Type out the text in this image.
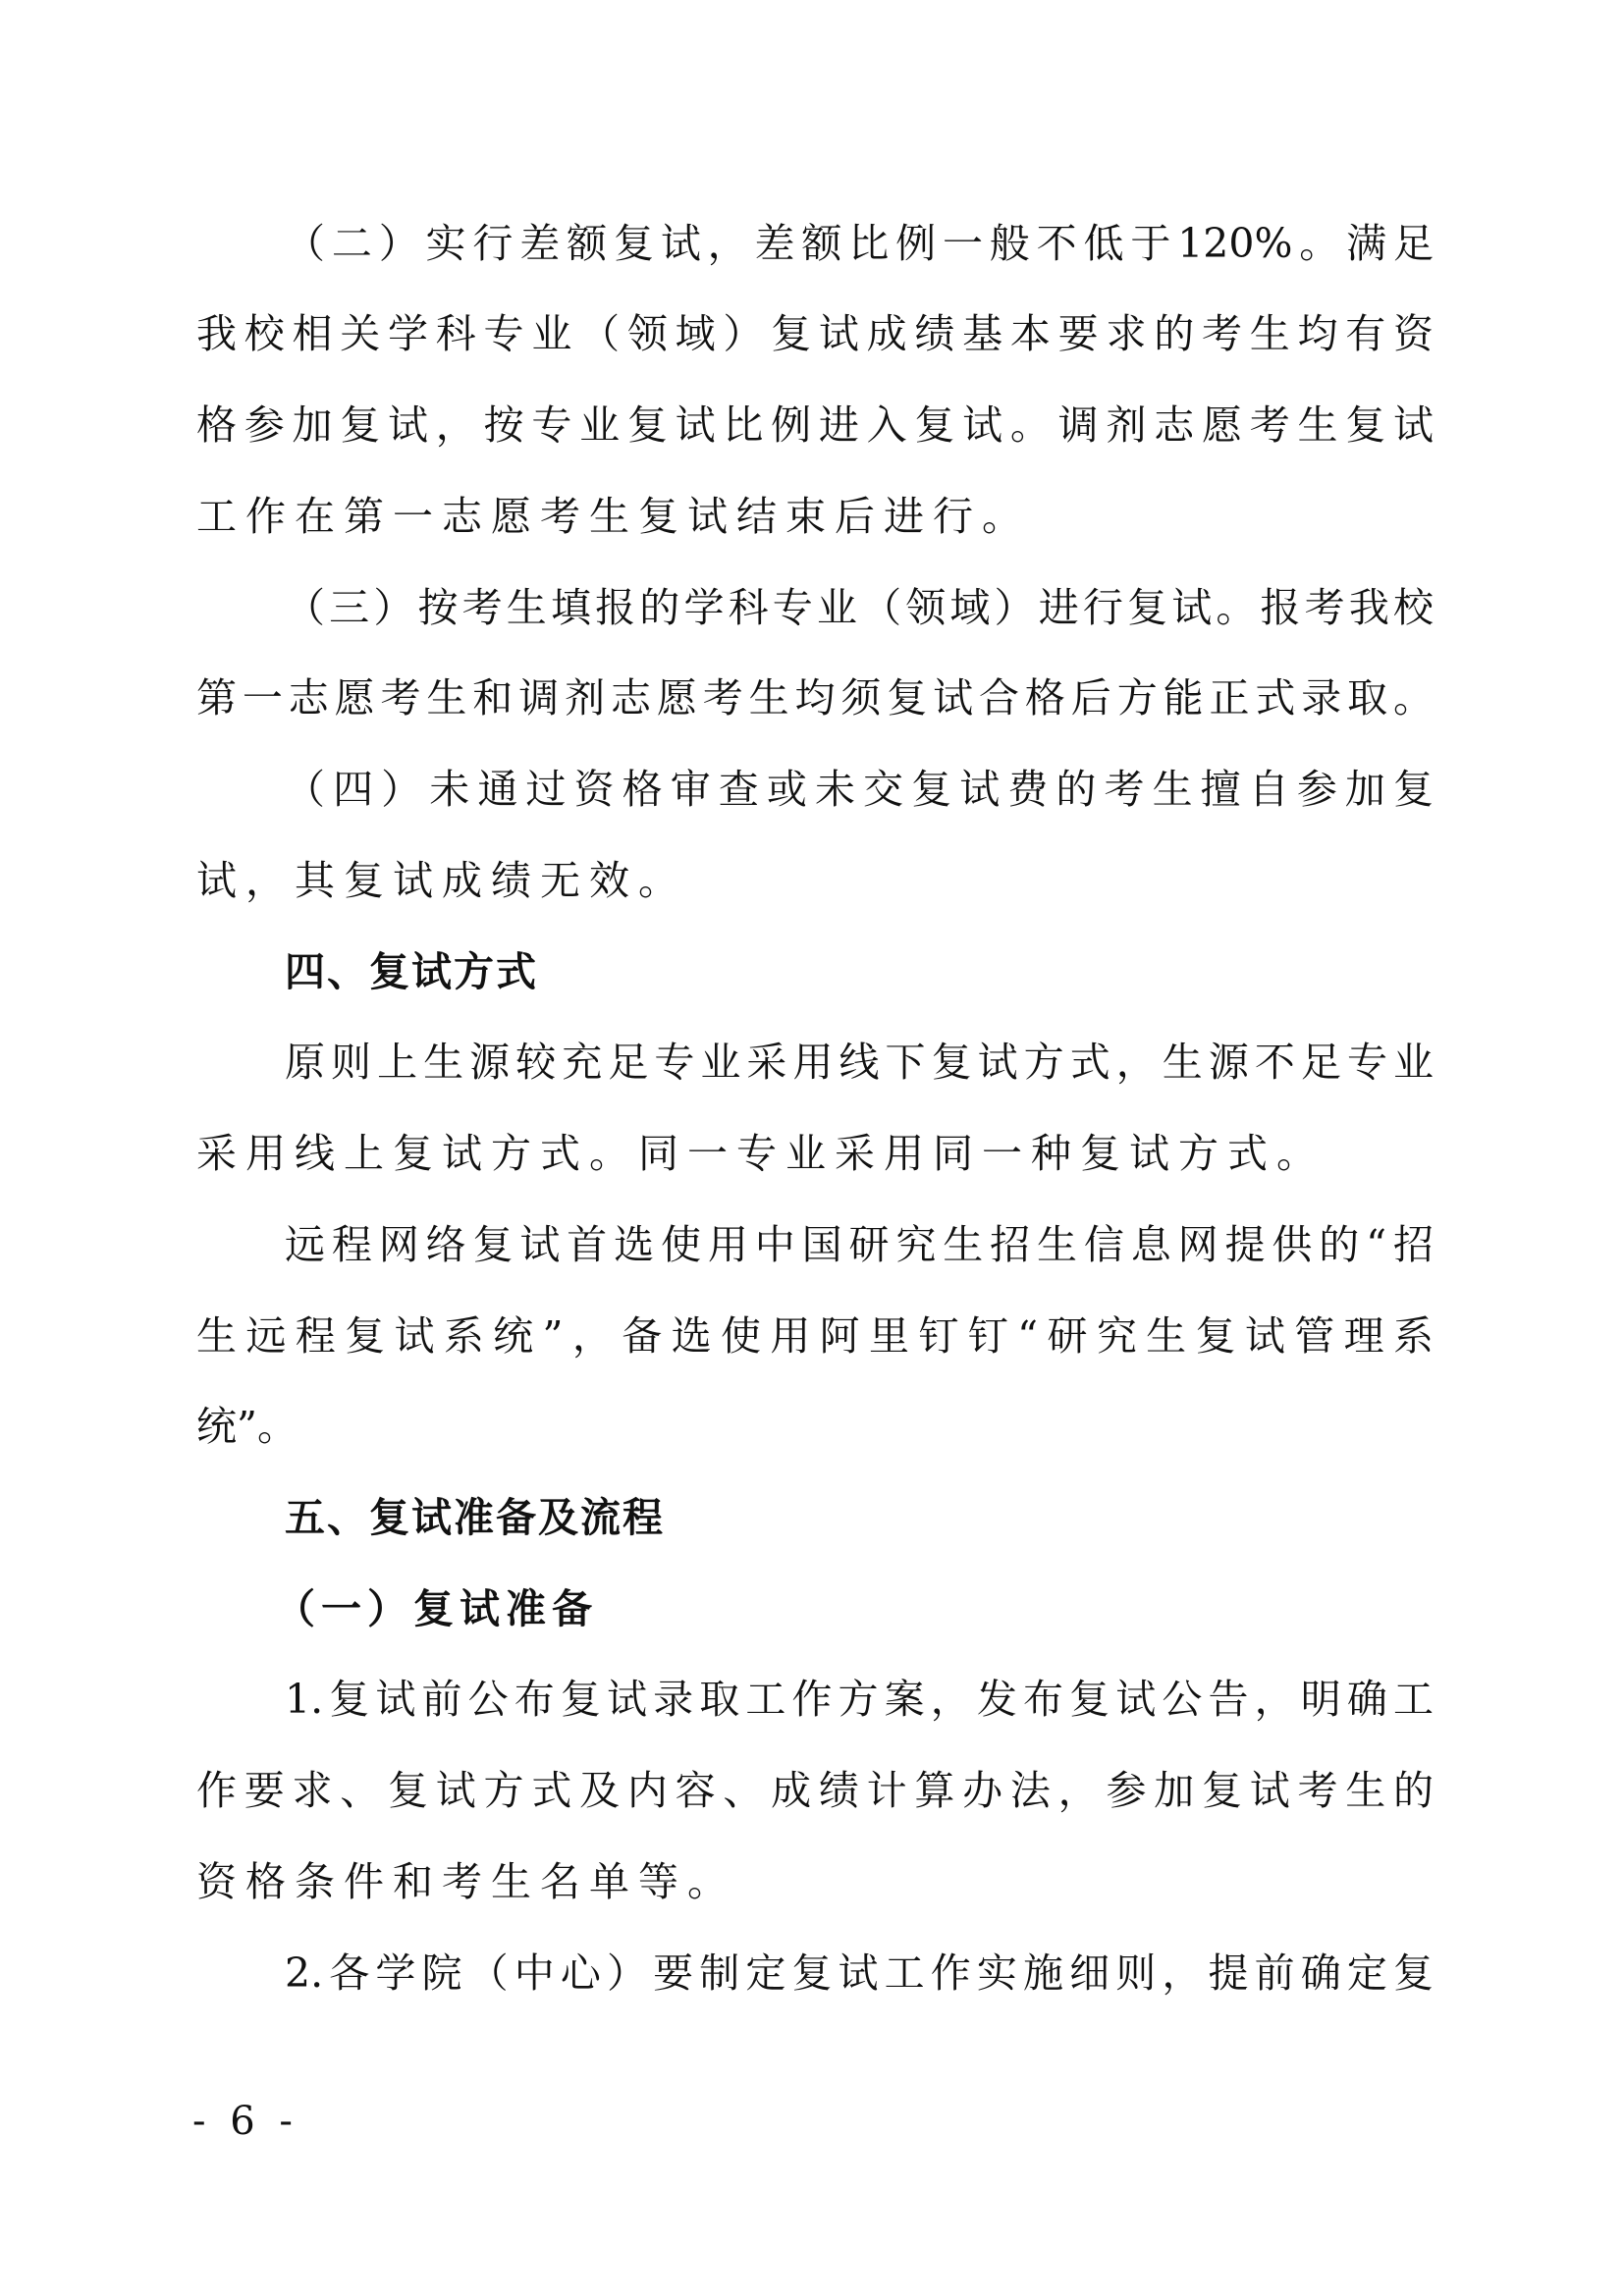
（二）实行差额复试，差额比例一般不低于120%。满足
我校相关学科专业（领域）复试成绩基本要求的考生均有资
格参加复试，按专业复试比例进入复试。调剂志愿考生复试
工作在第一志愿考生复试结束后进行。
（三）按考生填报的学科专业（领域）进行复试。报考我校
第一志愿考生和调剂志愿考生均须复试合格后方能正式录取。
（四）未通过资格审查或未交复试费的考生擅自参加复
试，其复试成绩无效。
四、复试方式
原则上生源较充足专业采用线下复试方式，生源不足专业
采用线上复试方式。同一专业采用同一种复试方式。
远程网络复试首选使用中国研究生招生信息网提供的“招
生远程复试系统”，备选使用阿里钉钉“研究生复试管理系
统”。
五、复试准备及流程
（一）复试准备
1.复试前公布复试录取工作方案，发布复试公告，明确工
作要求、复试方式及内容、成绩计算办法，参加复试考生的
资格条件和考生名单等。
2.各学院（中心）要制定复试工作实施细则，提前确定复
- 6 -
